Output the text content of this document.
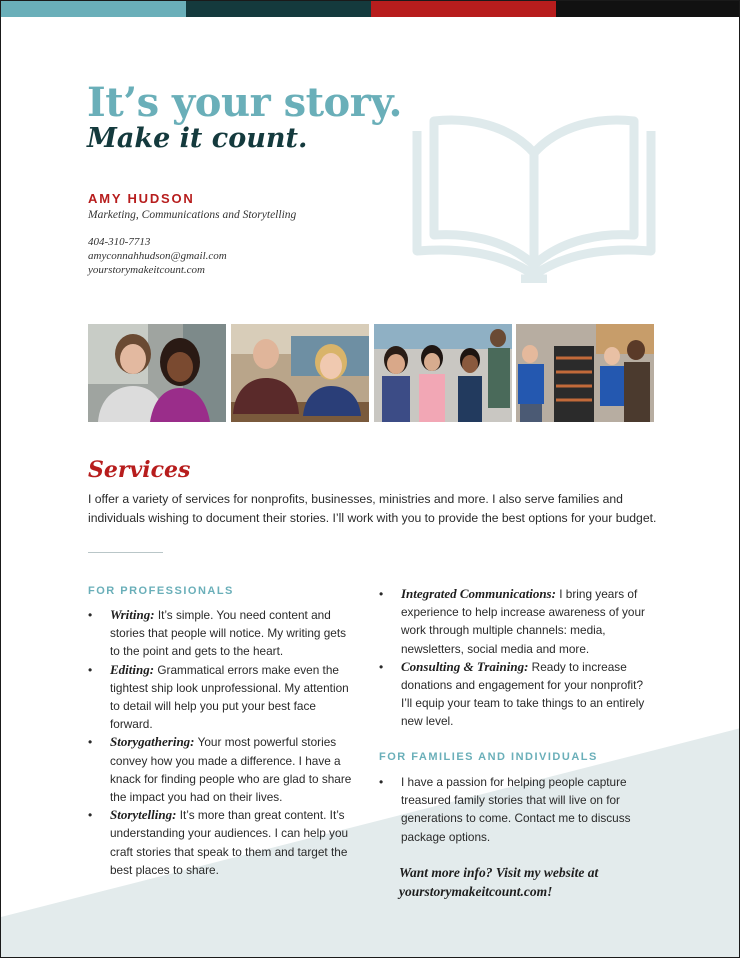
It’s your story.
Make it count.
AMY HUDSON
Marketing, Communications and Storytelling
404-310-7713
amyconnahhudson@gmail.com
yourstorymakeitcount.com
Services
I offer a variety of services for nonprofits, businesses, ministries and more. I also serve families and individuals wishing to document their stories. I’ll work with you to provide the best options for your budget.
FOR PROFESSIONALS
• Writing: It’s simple. You need content and stories that people will notice. My writing gets to the point and gets to the heart.
• Editing: Grammatical errors make even the tightest ship look unprofessional. My attention to detail will help you put your best face forward.
• Storygathering: Your most powerful stories convey how you made a difference. I have a knack for finding people who are glad to share the impact you had on their lives.
• Storytelling: It’s more than great content. It’s understanding your audiences. I can help you craft stories that speak to them and target the best places to share.
• Integrated Communications: I bring years of experience to help increase awareness of your work through multiple channels: media, newsletters, social media and more.
• Consulting & Training: Ready to increase donations and engagement for your nonprofit? I’ll equip your team to take things to an entirely new level.
FOR FAMILIES AND INDIVIDUALS
• I have a passion for helping people capture treasured family stories that will live on for generations to come. Contact me to discuss package options.
Want more info? Visit my website at
yourstorymakeitcount.com!
